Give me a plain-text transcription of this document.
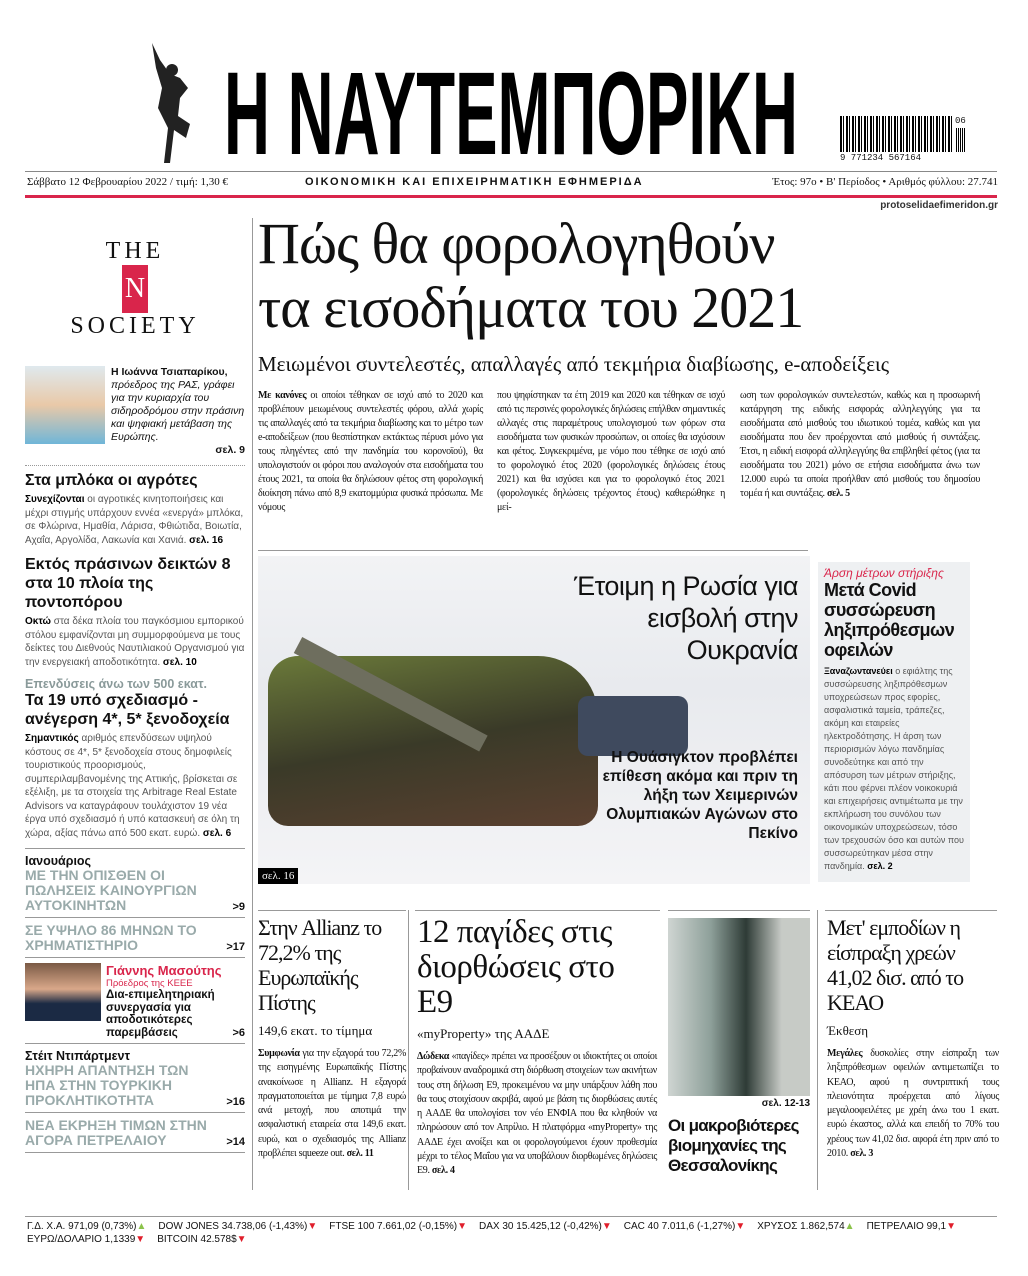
Η ΝΑΥΤΕΜΠΟΡΙΚΗ	9 771234 567164
06
Σάββατο 12 Φεβρουαρίου 2022 / τιμή: 1,30 €	ΟΙΚΟΝΟΜΙΚΗ ΚΑΙ ΕΠΙΧΕΙΡΗΜΑΤΙΚΗ ΕΦΗΜΕΡΙΔΑ	Έτος: 97ο • Β' Περίοδος • Αριθμός φύλλου: 27.741
THE
N
SOCIETY
Η Ιωάννα Τσιαπαρίκου, πρόεδρος της ΡΑΣ, γράφει για την κυριαρχία του σιδηροδρόμου στην πράσινη και ψηφιακή μετάβαση της Ευρώπης.
σελ. 9
Στα μπλόκα οι αγρότες
Συνεχίζονται οι αγροτικές κινητοποιήσεις και μέχρι στιγμής υπάρχουν εννέα «ενεργά» μπλόκα, σε Φλώρινα, Ημαθία, Λάρισα, Φθιώτιδα, Βοιωτία, Αχαΐα, Αργολίδα, Λακωνία και Χανιά. σελ. 16
Εκτός πράσινων δεικτών 8 στα 10 πλοία της ποντοπόρου
Οκτώ στα δέκα πλοία του παγκόσμιου εμπορικού στόλου εμφανίζονται μη συμμορφούμενα με τους δείκτες του Διεθνούς Ναυτιλιακού Οργανισμού για την ενεργειακή αποδοτικότητα. σελ. 10
Επενδύσεις άνω των 500 εκατ.
Τα 19 υπό σχεδιασμό - ανέγερση 4*, 5* ξενοδοχεία
Σημαντικός αριθμός επενδύσεων υψηλού κόστους σε 4*, 5* ξενοδοχεία στους δημοφιλείς τουριστικούς προορισμούς, συμπεριλαμβανομένης της Αττικής, βρίσκεται σε εξέλιξη, με τα στοιχεία της Arbitrage Real Estate Advisors να καταγράφουν τουλάχιστον 19 νέα έργα υπό σχεδιασμό ή υπό κατασκευή σε όλη τη χώρα, αξίας πάνω από 500 εκατ. ευρώ. σελ. 6
Ιανουάριος
ΜΕ ΤΗΝ ΟΠΙΣΘΕΝ ΟΙ ΠΩΛΗΣΕΙΣ ΚΑΙΝΟΥΡΓΙΩΝ ΑΥΤΟΚΙΝΗΤΩΝ	>9
ΣΕ ΥΨΗΛΟ 86 ΜΗΝΩΝ ΤΟ ΧΡΗΜΑΤΙΣΤΗΡΙΟ	>17
Γιάννης Μασούτης
Πρόεδρος της ΚΕΕΕ
Δια-επιμελητηριακή συνεργασία για αποδοτικότερες παρεμβάσεις	>6
Στέιτ Ντιπάρτμεντ
ΗΧΗΡΗ ΑΠΑΝΤΗΣΗ ΤΩΝ ΗΠΑ ΣΤΗΝ ΤΟΥΡΚΙΚΗ ΠΡΟΚΛΗΤΙΚΟΤΗΤΑ	>16
ΝΕΑ ΕΚΡΗΞΗ ΤΙΜΩΝ ΣΤΗΝ ΑΓΟΡΑ ΠΕΤΡΕΛΑΙΟΥ	>14
Πώς θα φορολογηθούν
τα εισοδήματα του 2021
protoselidaefimeridon.gr
Μειωμένοι συντελεστές, απαλλαγές από τεκμήρια διαβίωσης, e-αποδείξεις
Με κανόνες οι οποίοι τέθηκαν σε ισχύ από το 2020 και προβλέπουν μειωμένους συντελεστές φόρου, αλλά χωρίς τις απαλλαγές από τα τεκμήρια διαβίωσης και το μέτρο των e-αποδείξεων (που θεσπίστηκαν εκτάκτως πέρυσι μόνο για τους πληγέντες από την πανδημία του κορονοϊού), θα υπολογιστούν οι φόροι που αναλογούν στα εισοδήματα του έτους 2021, τα οποία θα δηλώσουν φέτος στη φορολογική διοίκηση πάνω από 8,9 εκατομμύρια φυσικά πρόσωπα. Με νόμους
που ψηφίστηκαν τα έτη 2019 και 2020 και τέθηκαν σε ισχύ από τις περσινές φορολογικές δηλώσεις επήλθαν σημαντικές αλλαγές στις παραμέτρους υπολογισμού των φόρων στα εισοδήματα των φυσικών προσώπων, οι οποίες θα ισχύσουν και φέτος. Συγκεκριμένα, με νόμο που τέθηκε σε ισχύ από το φορολογικό έτος 2020 (φορολογικές δηλώσεις έτους 2021) και θα ισχύσει και για το φορολογικό έτος 2021 (φορολογικές δηλώσεις τρέχοντος έτους) καθιερώθηκε η μεί-
ωση των φορολογικών συντελεστών, καθώς και η προσωρινή κατάργηση της ειδικής εισφοράς αλληλεγγύης για τα εισοδήματα από μισθούς του ιδιωτικού τομέα, καθώς και για εισοδήματα που δεν προέρχονται από μισθούς ή συντάξεις. Έτσι, η ειδική εισφορά αλληλεγγύης θα επιβληθεί φέτος (για τα εισοδήματα του 2021) μόνο σε ετήσια εισοδήματα άνω των 12.000 ευρώ τα οποία προήλθαν από μισθούς του δημοσίου τομέα ή και συντάξεις. σελ. 5
Έτοιμη η Ρωσία για εισβολή στην Ουκρανία
Η Ουάσιγκτον προβλέπει επίθεση ακόμα και πριν τη λήξη των Χειμερινών Ολυμπιακών Αγώνων στο Πεκίνο
σελ. 16
Άρση μέτρων στήριξης
Μετά Covid συσσώρευση ληξιπρόθεσμων οφειλών
Ξαναζωντανεύει ο εφιάλτης της συσσώρευσης ληξιπρόθεσμων υποχρεώσεων προς εφορίες, ασφαλιστικά ταμεία, τράπεζες, ακόμη και εταιρείες ηλεκτροδότησης. Η άρση των περιορισμών λόγω πανδημίας συνοδεύτηκε και από την απόσυρση των μέτρων στήριξης, κάτι που φέρνει πλέον νοικοκυριά και επιχειρήσεις αντιμέτωπα με την εκπλήρωση του συνόλου των οικονομικών υποχρεώσεων, τόσο των τρεχουσών όσο και αυτών που συσσωρεύτηκαν μέσα στην πανδημία. σελ. 2
Στην Allianz το 72,2% της Ευρωπαϊκής Πίστης
149,6 εκατ. το τίμημα
Συμφωνία για την εξαγορά του 72,2% της εισηγμένης Ευρωπαϊκής Πίστης ανακοίνωσε η Allianz. Η εξαγορά πραγματοποιείται με τίμημα 7,8 ευρώ ανά μετοχή, που αποτιμά την ασφαλιστική εταιρεία στα 149,6 εκατ. ευρώ, και ο σχεδιασμός της Allianz προβλέπει squeeze out. σελ. 11
12 παγίδες στις διορθώσεις στο Ε9
«myProperty» της ΑΑΔΕ
Δώδεκα «παγίδες» πρέπει να προσέξουν οι ιδιοκτήτες οι οποίοι προβαίνουν αναδρομικά στη διόρθωση στοιχείων των ακινήτων τους στη δήλωση Ε9, προκειμένου να μην υπάρξουν λάθη που θα τους στοιχίσουν ακριβά, αφού με βάση τις διορθώσεις αυτές η ΑΑΔΕ θα υπολογίσει τον νέο ΕΝΦΙΑ που θα κληθούν να πληρώσουν από τον Απρίλιο. Η πλατφόρμα «myProperty» της ΑΑΔΕ έχει ανοίξει και οι φορολογούμενοι έχουν προθεσμία μέχρι το τέλος Μαΐου για να υποβάλουν διορθωμένες δηλώσεις Ε9. σελ. 4
σελ. 12-13
Οι μακροβιότερες βιομηχανίες της Θεσσαλονίκης
Μετ' εμποδίων η είσπραξη χρεών 41,02 δισ. από το ΚΕΑΟ
Έκθεση
Μεγάλες δυσκολίες στην είσπραξη των ληξιπρόθεσμων οφειλών αντιμετωπίζει το ΚΕΑΟ, αφού η συντριπτική τους πλειονότητα προέρχεται από λίγους μεγαλοοφειλέτες με χρέη άνω του 1 εκατ. ευρώ έκαστος, αλλά και επειδή το 70% του χρέους των 41,02 δισ. αφορά έτη πριν από το 2010. σελ. 3
Γ.Δ. Χ.Α. 971,09 (0,73%)▲ DOW JONES 34.738,06 (-1,43%)▼ FTSE 100 7.661,02 (-0,15%)▼ DAX 30 15.425,12 (-0,42%)▼ CAC 40 7.011,6 (-1,27%)▼ ΧΡΥΣΟΣ 1.862,574▲ ΠΕΤΡΕΛΑΙΟ 99,1▼
ΕΥΡΩ/ΔΟΛΑΡΙΟ 1,1339▼ BITCOIN 42.578$▼
